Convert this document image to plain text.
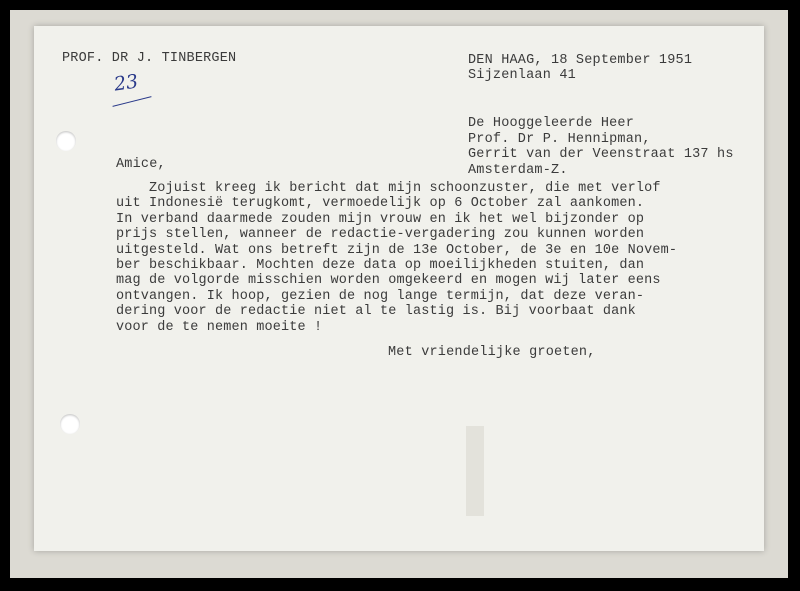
PROF. DR J. TINBERGEN

23

DEN HAAG, 18 September 1951

Sijzenlaan 41

De Hooggeleerde Heer

Prof. Dr P. Hennipman,

Gerrit van der Veenstraat 137 hs

Amsterdam-Z.

Amice,

Zojuist kreeg ik bericht dat mijn schoonzuster, die met verlof
uit Indonesië terugkomt, vermoedelijk op 6 October zal aankomen.
In verband daarmede zouden mijn vrouw en ik het wel bijzonder op
prijs stellen, wanneer de redactie-vergadering zou kunnen worden
uitgesteld. Wat ons betreft zijn de 13e October, de 3e en 10e Novem-
ber beschikbaar. Mochten deze data op moeilijkheden stuiten, dan
mag de volgorde misschien worden omgekeerd en mogen wij later eens
ontvangen. Ik hoop, gezien de nog lange termijn, dat deze veran-
dering voor de redactie niet al te lastig is. Bij voorbaat dank
voor de te nemen moeite !

Met vriendelijke groeten,
